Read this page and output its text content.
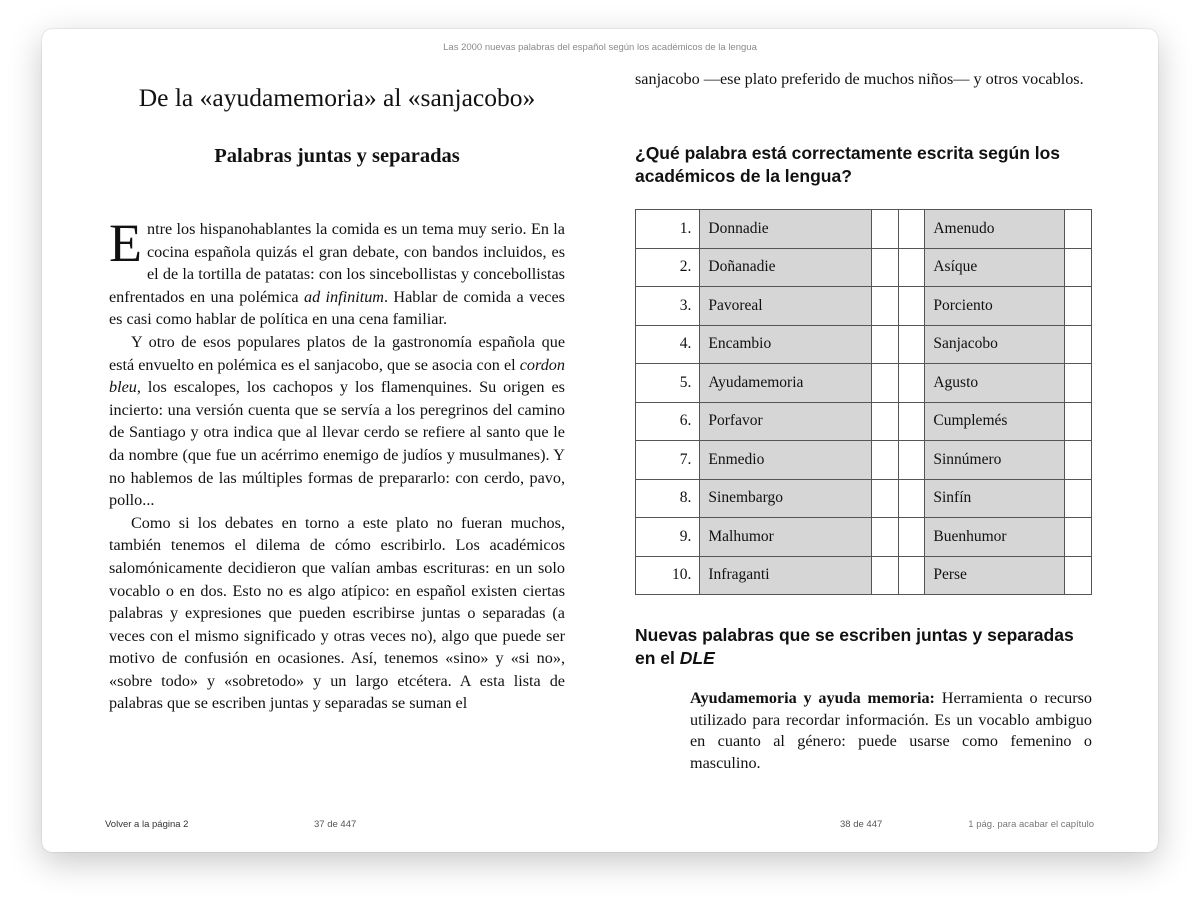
Las 2000 nuevas palabras del español según los académicos de la lengua
De la «ayudamemoria» al «sanjacobo»
Palabras juntas y separadas

Entre los hispanohablantes la comida es un tema muy serio. En la cocina española quizás el gran debate, con bandos incluidos, es el de la tortilla de patatas: con los sincebollistas y concebollistas enfrentados en una polémica ad infinitum. Hablar de comida a veces es casi como hablar de política en una cena familiar.

Y otro de esos populares platos de la gastronomía española que está envuelto en polémica es el sanjacobo, que se asocia con el cordon bleu, los escalopes, los cachopos y los flamenquines. Su origen es incierto: una versión cuenta que se servía a los peregrinos del camino de Santiago y otra indica que al llevar cerdo se refiere al santo que le da nombre (que fue un acérrimo enemigo de judíos y musulmanes). Y no hablemos de las múltiples formas de prepararlo: con cerdo, pavo, pollo...

Como si los debates en torno a este plato no fueran muchos, también tenemos el dilema de cómo escribirlo. Los académicos salomónicamente decidieron que valían ambas escrituras: en un solo vocablo o en dos. Esto no es algo atípico: en español existen ciertas palabras y expresiones que pueden escribirse juntas o separadas (a veces con el mismo significado y otras veces no), algo que puede ser motivo de confusión en ocasiones. Así, tenemos «sino» y «si no», «sobre todo» y «sobretodo» y un largo etcétera. A esta lista de palabras que se escriben juntas y separadas se suman el

sanjacobo —ese plato preferido de muchos niños— y otros vocablos.

¿Qué palabra está correctamente escrita según los académicos de la lengua?
1.	Donnadie			Amenudo	
2.	Doñanadie			Asíque	
3.	Pavoreal			Porciento	
4.	Encambio			Sanjacobo	
5.	Ayudamemoria			Agusto	
6.	Porfavor			Cumplemés	
7.	Enmedio			Sinnúmero	
8.	Sinembargo			Sinfín	
9.	Malhumor			Buenhumor	
10.	Infraganti			Perse	
Nuevas palabras que se escriben juntas y separadas en el DLE

Ayudamemoria y ayuda memoria: Herramienta o recurso utilizado para recordar información. Es un vocablo ambiguo en cuanto al género: puede usarse como femenino o masculino.

Volver a la página 2	37 de 447	38 de 447	1 pág. para acabar el capítulo
